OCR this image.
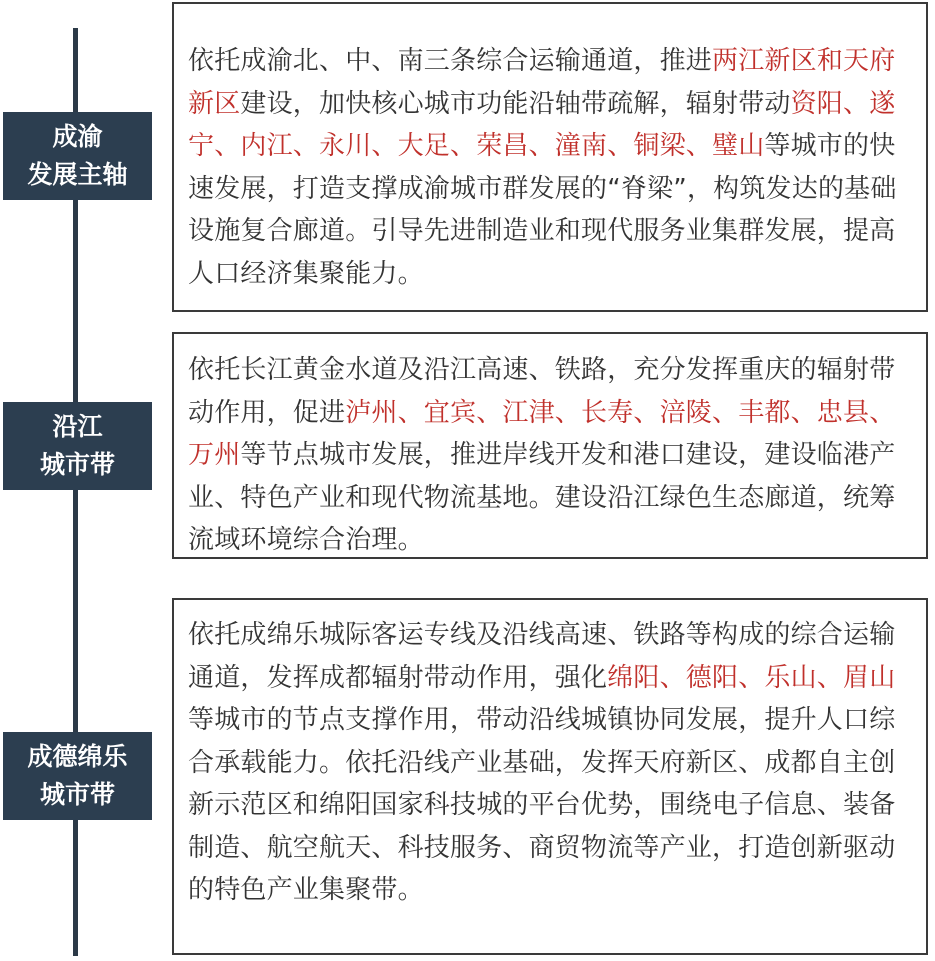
成渝
发展主轴

依托成渝北、中、南三条综合运输通道，推进两江新区和天府新区建设，加快核心城市功能沿轴带疏解，辐射带动资阳、遂宁、内江、永川、大足、荣昌、潼南、铜梁、璧山等城市的快速发展，打造支撑成渝城市群发展的“脊梁”，构筑发达的基础设施复合廊道。引导先进制造业和现代服务业集群发展，提高人口经济集聚能力。

沿江
城市带

依托长江黄金水道及沿江高速、铁路，充分发挥重庆的辐射带动作用，促进泸州、宜宾、江津、长寿、涪陵、丰都、忠县、万州等节点城市发展，推进岸线开发和港口建设，建设临港产业、特色产业和现代物流基地。建设沿江绿色生态廊道，统筹流域环境综合治理。

成德绵乐
城市带

依托成绵乐城际客运专线及沿线高速、铁路等构成的综合运输通道，发挥成都辐射带动作用，强化绵阳、德阳、乐山、眉山等城市的节点支撑作用，带动沿线城镇协同发展，提升人口综合承载能力。依托沿线产业基础，发挥天府新区、成都自主创新示范区和绵阳国家科技城的平台优势，围绕电子信息、装备制造、航空航天、科技服务、商贸物流等产业，打造创新驱动的特色产业集聚带。
